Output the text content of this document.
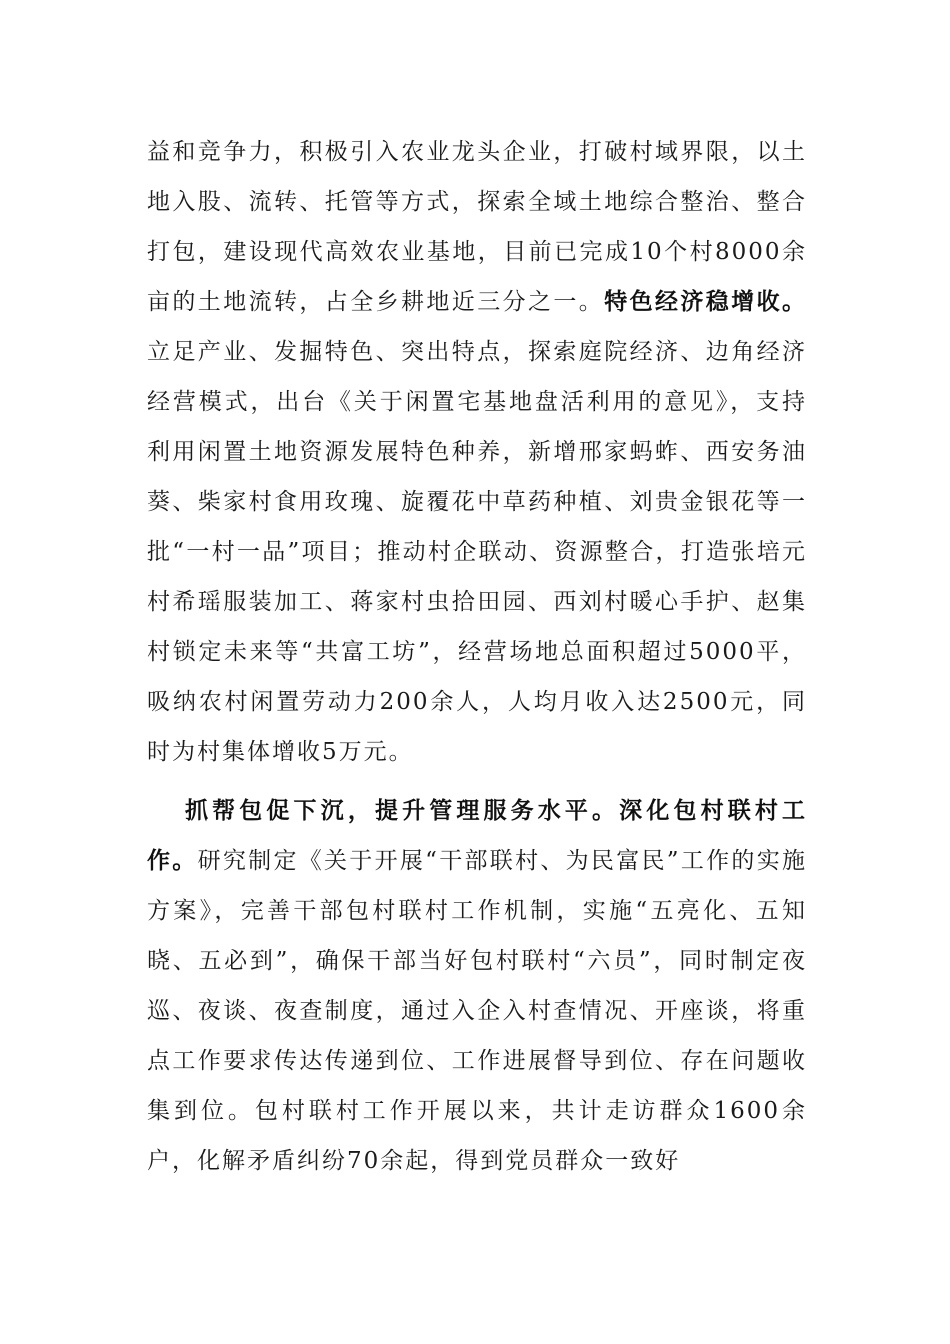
益和竞争力，积极引入农业龙头企业，打破村域界限，以土地入股、流转、托管等方式，探索全域土地综合整治、整合打包，建设现代高效农业基地，目前已完成10个村8000余亩的土地流转，占全乡耕地近三分之一。特色经济稳增收。立足产业、发掘特色、突出特点，探索庭院经济、边角经济经营模式，出台《关于闲置宅基地盘活利用的意见》，支持利用闲置土地资源发展特色种养，新增邢家蚂蚱、西安务油葵、柴家村食用玫瑰、旋覆花中草药种植、刘贵金银花等一批“一村一品”项目；推动村企联动、资源整合，打造张培元村希瑶服装加工、蒋家村虫拾田园、西刘村暖心手护、赵集村锁定未来等“共富工坊”，经营场地总面积超过5000平，吸纳农村闲置劳动力200余人，人均月收入达2500元，同时为村集体增收5万元。

抓帮包促下沉，提升管理服务水平。深化包村联村工作。研究制定《关于开展“干部联村、为民富民”工作的实施方案》，完善干部包村联村工作机制，实施“五亮化、五知晓、五必到”，确保干部当好包村联村“六员”，同时制定夜巡、夜谈、夜查制度，通过入企入村查情况、开座谈，将重点工作要求传达传递到位、工作进展督导到位、存在问题收集到位。包村联村工作开展以来，共计走访群众1600余户，化解矛盾纠纷70余起，得到党员群众一致好
